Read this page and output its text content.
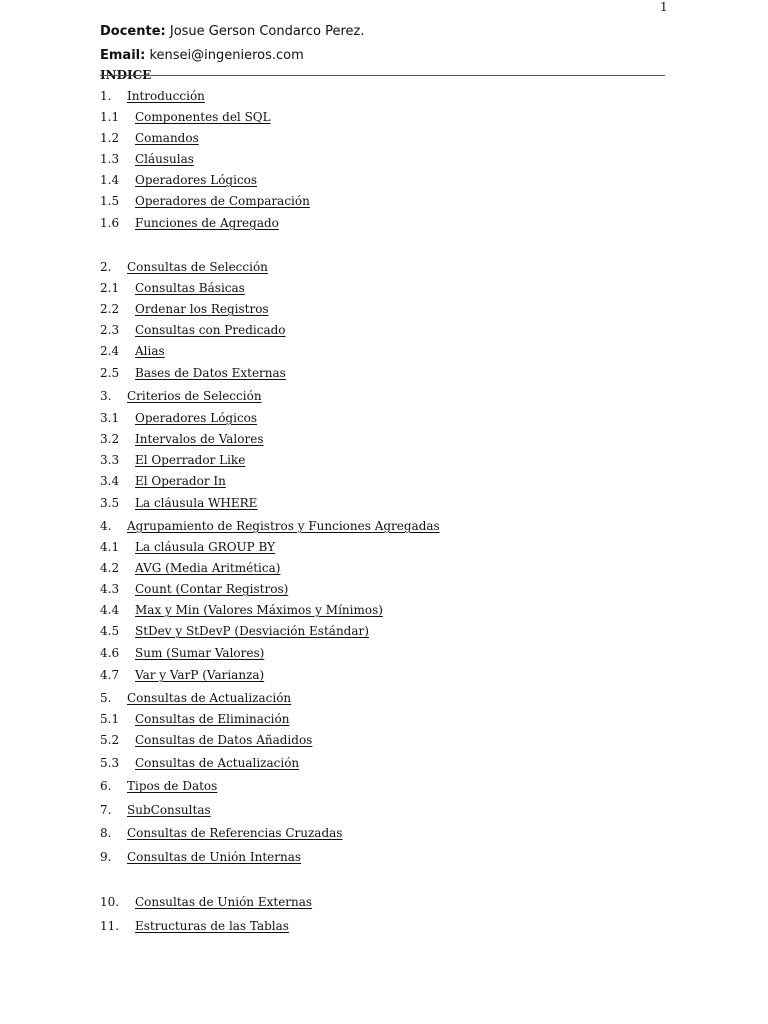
1
Docente: Josue Gerson Condarco Perez.
Email: kensei@ingenieros.com
INDICE
1. Introducción
1.1 Componentes del SQL
1.2 Comandos
1.3 Cláusulas
1.4 Operadores Lógicos
1.5 Operadores de Comparación
1.6 Funciones de Agregado
2. Consultas de Selección
2.1 Consultas Básicas
2.2 Ordenar los Registros
2.3 Consultas con Predicado
2.4 Alias
2.5 Bases de Datos Externas
3. Criterios de Selección
3.1 Operadores Lógicos
3.2 Intervalos de Valores
3.3 El Operrador Like
3.4 El Operador In
3.5 La cláusula WHERE
4. Agrupamiento de Registros y Funciones Agregadas
4.1 La cláusula GROUP BY
4.2 AVG (Media Aritmética)
4.3 Count (Contar Registros)
4.4 Max y Min (Valores Máximos y Mínimos)
4.5 StDev y StDevP (Desviación Estándar)
4.6 Sum (Sumar Valores)
4.7 Var y VarP (Varianza)
5. Consultas de Actualización
5.1 Consultas de Eliminación
5.2 Consultas de Datos Añadidos
5.3 Consultas de Actualización
6. Tipos de Datos
7. SubConsultas
8. Consultas de Referencias Cruzadas
9. Consultas de Unión Internas
10. Consultas de Unión Externas
11. Estructuras de las Tablas
